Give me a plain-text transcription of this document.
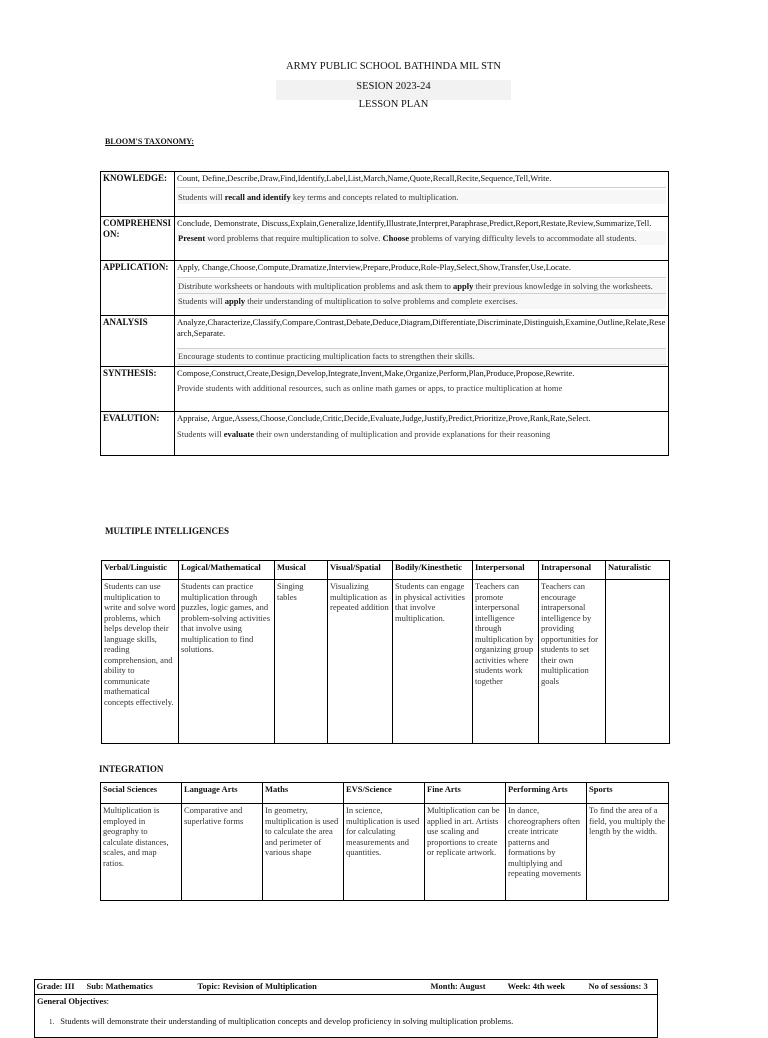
ARMY PUBLIC SCHOOL BATHINDA MIL STN
SESION 2023-24
LESSON PLAN
BLOOM'S TAXONOMY:
KNOWLEDGE:	Count, Define,Describe,Draw,Find,Identify,Label,List,March,Name,Quote,Recall,Recite,Sequence,Tell,Write.
Students will recall and identify key terms and concepts related to multiplication.

COMPREHENSION:	Conclude, Demonstrate, Discuss,Explain,Generalize,Identify,Illustrate,Interpret,Paraphrase,Predict,Report,Restate,Review,Summarize,Tell.
Present word problems that require multiplication to solve. Choose problems of varying difficulty levels to accommodate all students.

APPLICATION:	Apply, Change,Choose,Compute,Dramatize,Interview,Prepare,Produce,Role-Play,Select,Show,Transfer,Use,Locate.
Distribute worksheets or handouts with multiplication problems and ask them to apply their previous knowledge in solving the worksheets.
Students will apply their understanding of multiplication to solve problems and complete exercises.

ANALYSIS	Analyze,Characterize,Classify,Compare,Contrast,Debate,Deduce,Diagram,Differentiate,Discriminate,Distinguish,Examine,Outline,Relate,Research,Separate.
Encourage students to continue practicing multiplication facts to strengthen their skills.

SYNTHESIS:	Compose,Construct,Create,Design,Develop,Integrate,Invent,Make,Organize,Perform,Plan,Produce,Propose,Rewrite.
Provide students with additional resources, such as online math games or apps, to practice multiplication at home

EVALUTION:	Appraise, Argue,Assess,Choose,Conclude,Critic,Decide,Evaluate,Judge,Justify,Predict,Prioritize,Prove,Rank,Rate,Select.
Students will evaluate their own understanding of multiplication and provide explanations for their reasoning
MULTIPLE INTELLIGENCES
Verbal/Linguistic	Logical/Mathematical	Musical	Visual/Spatial	Bodily/Kinesthetic	Interpersonal	Intrapersonal	Naturalistic
Students can use multiplication to write and solve word problems, which helps develop their language skills, reading comprehension, and ability to communicate mathematical concepts effectively.	Students can practice multiplication through puzzles, logic games, and problem-solving activities that involve using multiplication to find solutions.	Singing tables	Visualizing multiplication as repeated addition	Students can engage in physical activities that involve multiplication.	Teachers can promote interpersonal intelligence through multiplication by organizing group activities where students work together	Teachers can encourage intrapersonal intelligence by providing opportunities for students to set their own multiplication goals	
INTEGRATION
Social Sciences	Language Arts	Maths	EVS/Science	Fine Arts	Performing Arts	Sports
Multiplication is employed in geography to calculate distances, scales, and map ratios.	Comparative and superlative forms	In geometry, multiplication is used to calculate the area and perimeter of various shape	In science, multiplication is used for calculating measurements and quantities.	Multiplication can be applied in art. Artists use scaling and proportions to create or replicate artwork.	In dance, choreographers often create intricate patterns and formations by multiplying and repeating movements	To find the area of a field, you multiply the length by the width.
Grade: III Sub: Mathematics	Topic: Revision of Multiplication	Month: August	Week: 4th week	No of sessions: 3

General Objectives:
1. Students will demonstrate their understanding of multiplication concepts and develop proficiency in solving multiplication problems.
